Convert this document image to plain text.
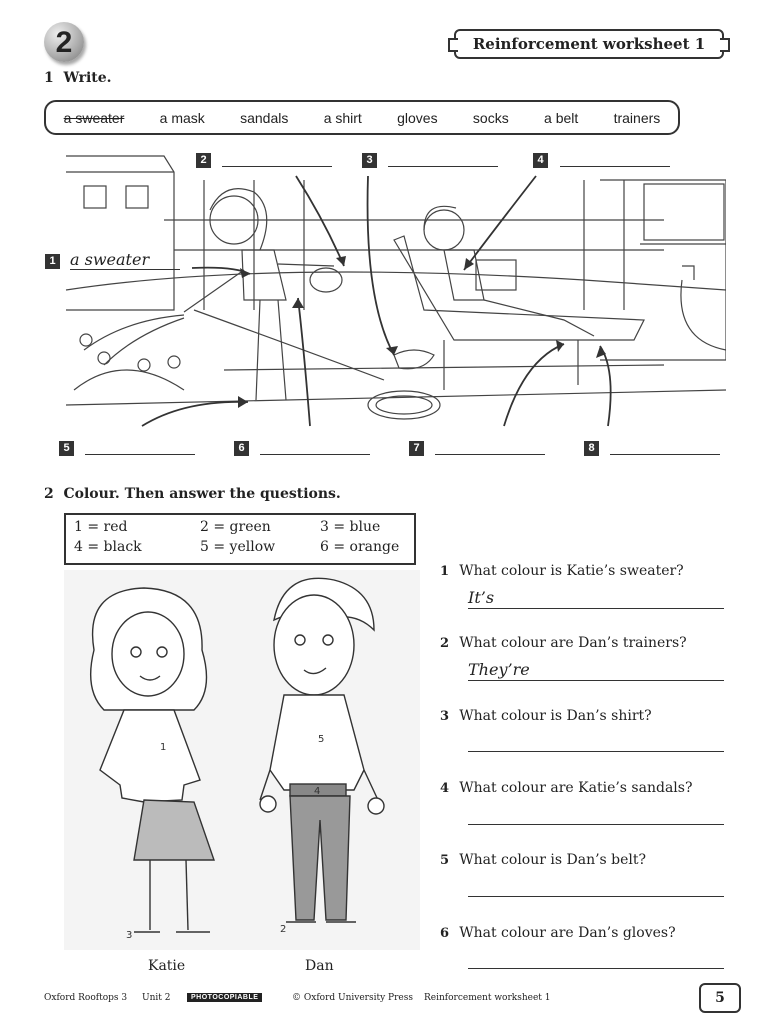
2	Reinforcement worksheet 1
1 Write.
a sweater	a mask	sandals	a shirt	gloves	socks	a belt	trainers
1 a sweater
2	3	4
5	6	7	8
2 Colour. Then answer the questions.
1 = red	2 = green	3 = blue
4 = black	5 = yellow	6 = orange
1
5
4
3
2
Katie	Dan
1 What colour is Katie’s sweater?
It’s
2 What colour are Dan’s trainers?
They’re
3 What colour is Dan’s shirt?
4 What colour are Katie’s sandals?
5 What colour is Dan’s belt?
6 What colour are Dan’s gloves?
Oxford Rooftops 3 Unit 2	PHOTOCOPIABLE	© Oxford University Press Reinforcement worksheet 1	5
